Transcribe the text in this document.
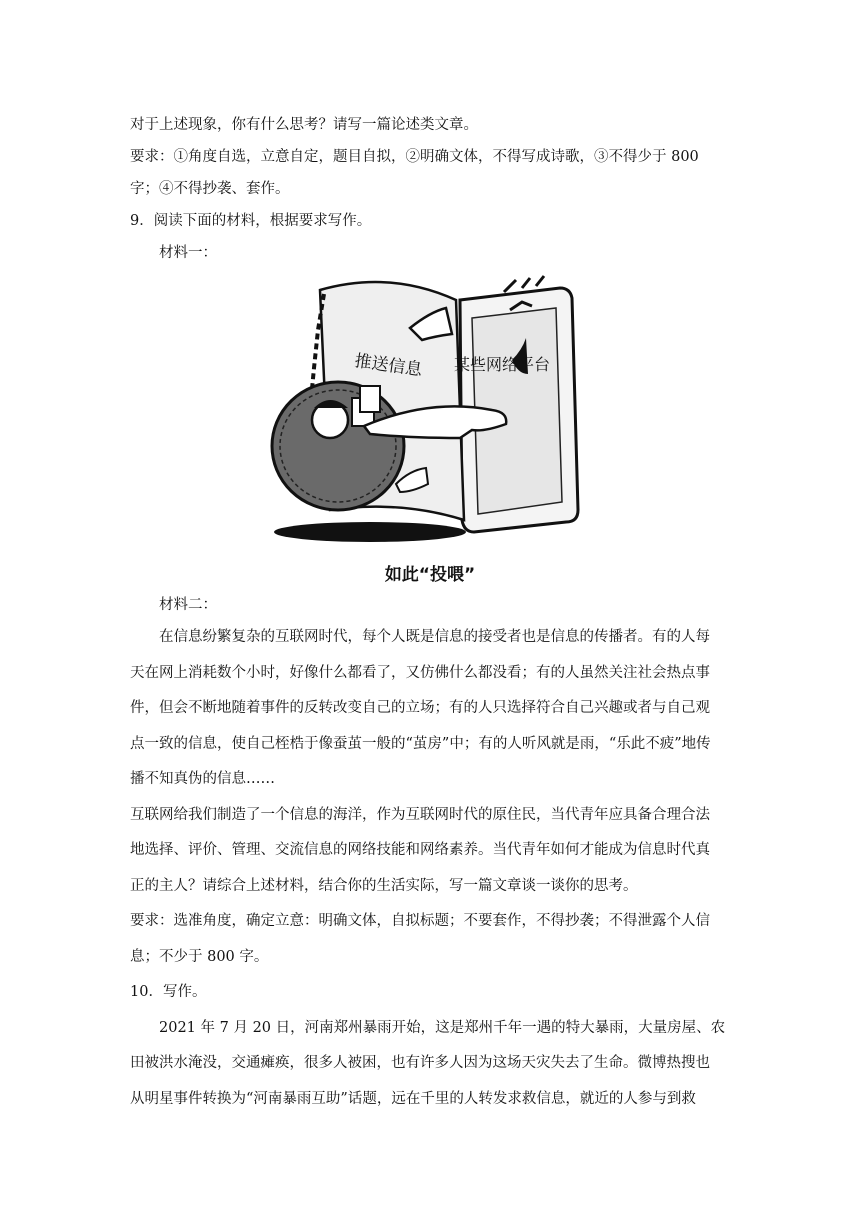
对于上述现象，你有什么思考？请写一篇论述类文章。

要求：①角度自选，立意自定，题目自拟，②明确文体，不得写成诗歌，③不得少于 800

字；④不得抄袭、套作。

9．阅读下面的材料，根据要求写作。

材料一：

推送信息 某些网络平台
如此“投喂”

材料二：

在信息纷繁复杂的互联网时代，每个人既是信息的接受者也是信息的传播者。有的人每

天在网上消耗数个小时，好像什么都看了，又仿佛什么都没看；有的人虽然关注社会热点事

件，但会不断地随着事件的反转改变自己的立场；有的人只选择符合自己兴趣或者与自己观

点一致的信息，使自己桎梏于像蚕茧一般的“茧房”中；有的人听风就是雨，“乐此不疲”地传

播不知真伪的信息……

互联网给我们制造了一个信息的海洋，作为互联网时代的原住民，当代青年应具备合理合法

地选择、评价、管理、交流信息的网络技能和网络素养。当代青年如何才能成为信息时代真

正的主人？请综合上述材料，结合你的生活实际，写一篇文章谈一谈你的思考。

要求：选准角度，确定立意：明确文体，自拟标题；不要套作，不得抄袭；不得泄露个人信

息；不少于 800 字。

10．写作。

2021 年 7 月 20 日，河南郑州暴雨开始，这是郑州千年一遇的特大暴雨，大量房屋、农

田被洪水淹没，交通瘫痪，很多人被困，也有许多人因为这场天灾失去了生命。微博热搜也

从明星事件转换为“河南暴雨互助”话题，远在千里的人转发求救信息，就近的人参与到救
